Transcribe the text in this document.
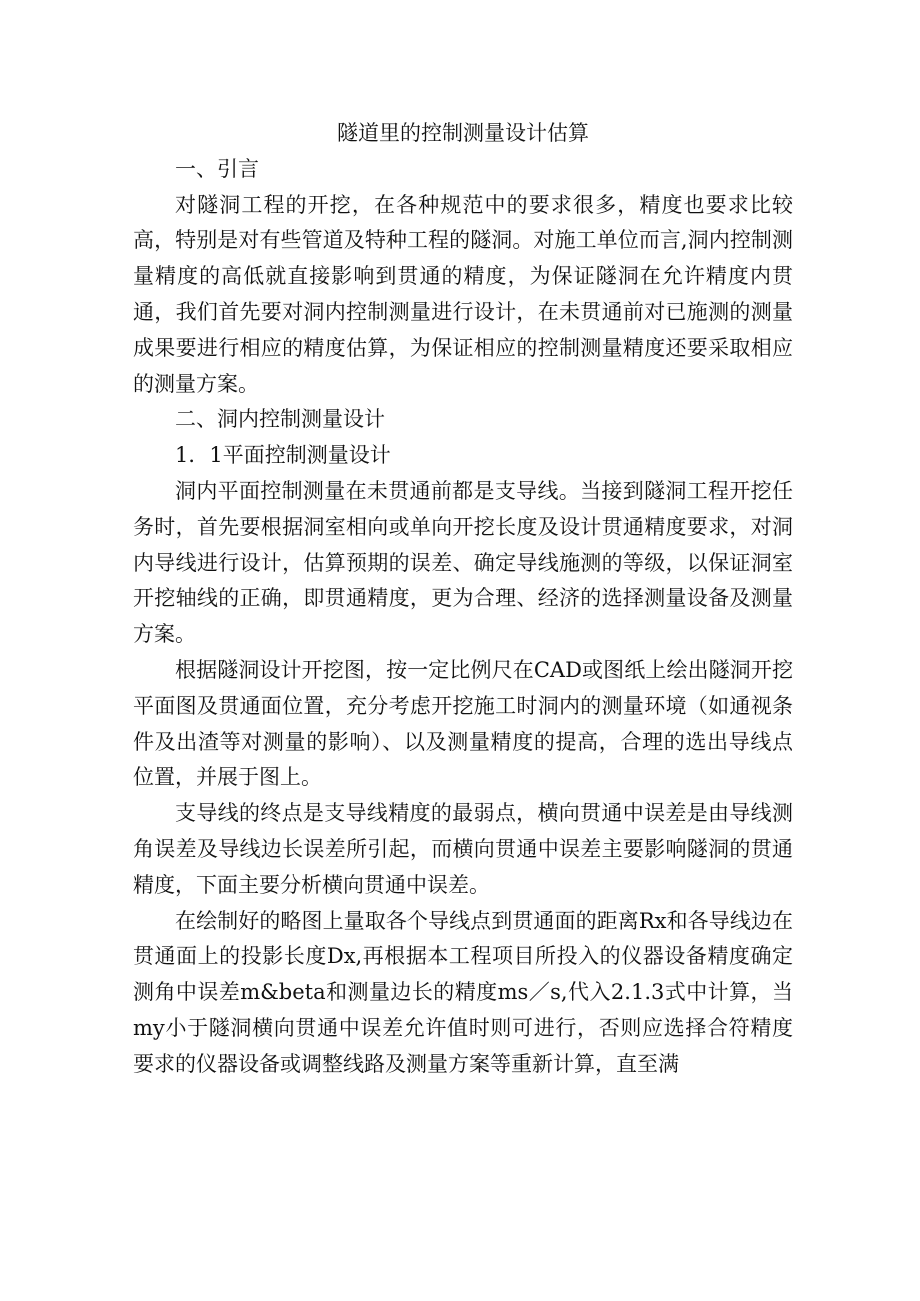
隧道里的控制测量设计估算

一、引言

对隧洞工程的开挖，在各种规范中的要求很多，精度也要求比较高，特别是对有些管道及特种工程的隧洞。对施工单位而言,洞内控制测量精度的高低就直接影响到贯通的精度，为保证隧洞在允许精度内贯通，我们首先要对洞内控制测量进行设计，在未贯通前对已施测的测量成果要进行相应的精度估算，为保证相应的控制测量精度还要采取相应的测量方案。

二、洞内控制测量设计

1．1平面控制测量设计

洞内平面控制测量在未贯通前都是支导线。当接到隧洞工程开挖任务时，首先要根据洞室相向或单向开挖长度及设计贯通精度要求，对洞内导线进行设计，估算预期的误差、确定导线施测的等级，以保证洞室开挖轴线的正确，即贯通精度，更为合理、经济的选择测量设备及测量方案。

根据隧洞设计开挖图，按一定比例尺在CAD或图纸上绘出隧洞开挖平面图及贯通面位置，充分考虑开挖施工时洞内的测量环境（如通视条件及出渣等对测量的影响）、以及测量精度的提高，合理的选出导线点位置，并展于图上。

支导线的终点是支导线精度的最弱点，横向贯通中误差是由导线测角误差及导线边长误差所引起，而横向贯通中误差主要影响隧洞的贯通精度，下面主要分析横向贯通中误差。

在绘制好的略图上量取各个导线点到贯通面的距离Rx和各导线边在贯通面上的投影长度Dx,再根据本工程项目所投入的仪器设备精度确定测角中误差m&beta和测量边长的精度ms／s,代入2.1.3式中计算，当my小于隧洞横向贯通中误差允许值时则可进行，否则应选择合符精度要求的仪器设备或调整线路及测量方案等重新计算，直至满
